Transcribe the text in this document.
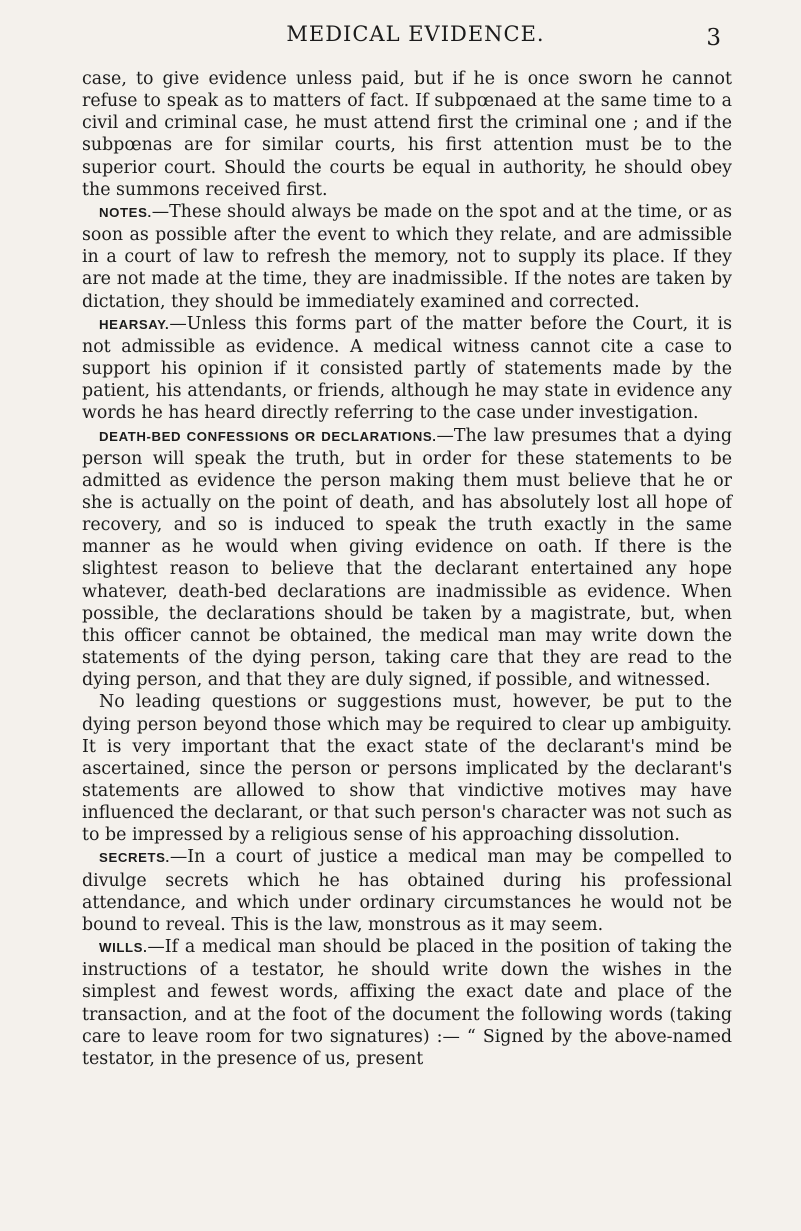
MEDICAL EVIDENCE.	3

case, to give evidence unless paid, but if he is once sworn he cannot refuse to speak as to matters of fact. If subpœnaed at the same time to a civil and criminal case, he must attend first the criminal one ; and if the subpœnas are for similar courts, his first attention must be to the superior court. Should the courts be equal in authority, he should obey the summons received first.

NOTES.—These should always be made on the spot and at the time, or as soon as possible after the event to which they relate, and are admissible in a court of law to refresh the memory, not to supply its place. If they are not made at the time, they are inadmissible. If the notes are taken by dictation, they should be immediately examined and corrected.

HEARSAY.—Unless this forms part of the matter before the Court, it is not admissible as evidence. A medical witness cannot cite a case to support his opinion if it consisted partly of statements made by the patient, his attendants, or friends, although he may state in evidence any words he has heard directly referring to the case under investigation.

DEATH-BED CONFESSIONS OR DECLARATIONS.—The law presumes that a dying person will speak the truth, but in order for these statements to be admitted as evidence the person making them must believe that he or she is actually on the point of death, and has absolutely lost all hope of recovery, and so is induced to speak the truth exactly in the same manner as he would when giving evidence on oath. If there is the slightest reason to believe that the declarant entertained any hope whatever, death-bed declarations are inadmissible as evidence. When possible, the declarations should be taken by a magistrate, but, when this officer cannot be obtained, the medical man may write down the statements of the dying person, taking care that they are read to the dying person, and that they are duly signed, if possible, and witnessed.

No leading questions or suggestions must, however, be put to the dying person beyond those which may be required to clear up ambiguity. It is very important that the exact state of the declarant's mind be ascertained, since the person or persons implicated by the declarant's statements are allowed to show that vindictive motives may have influenced the declarant, or that such person's character was not such as to be impressed by a religious sense of his approaching dissolution.

SECRETS.—In a court of justice a medical man may be compelled to divulge secrets which he has obtained during his professional attendance, and which under ordinary circumstances he would not be bound to reveal. This is the law, monstrous as it may seem.

WILLS.—If a medical man should be placed in the position of taking the instructions of a testator, he should write down the wishes in the simplest and fewest words, affixing the exact date and place of the transaction, and at the foot of the document the following words (taking care to leave room for two signatures) :— “ Signed by the above-named testator, in the presence of us, present
